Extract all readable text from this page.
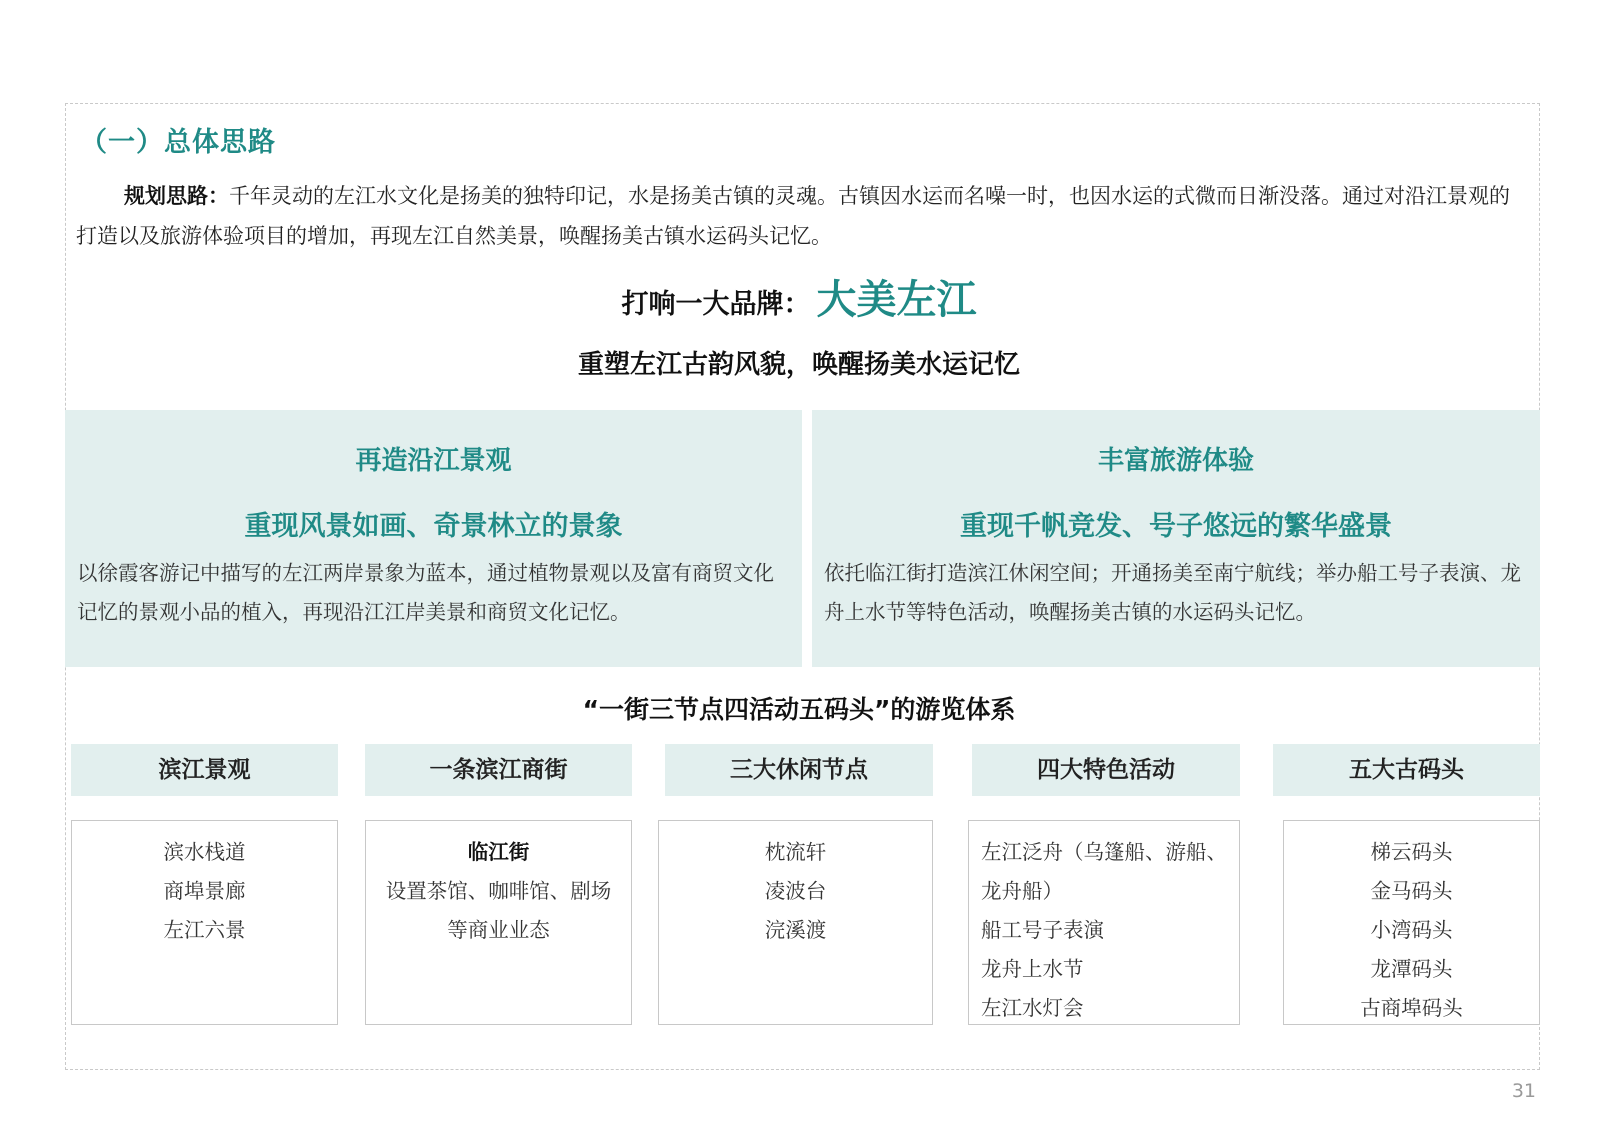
（一）总体思路
规划思路：千年灵动的左江水文化是扬美的独特印记，水是扬美古镇的灵魂。古镇因水运而名噪一时，也因水运的式微而日渐没落。通过对沿江景观的打造以及旅游体验项目的增加，再现左江自然美景，唤醒扬美古镇水运码头记忆。
打响一大品牌： 大美左江
重塑左江古韵风貌，唤醒扬美水运记忆
再造沿江景观
重现风景如画、奇景林立的景象
以徐霞客游记中描写的左江两岸景象为蓝本，通过植物景观以及富有商贸文化记忆的景观小品的植入，再现沿江江岸美景和商贸文化记忆。
丰富旅游体验
重现千帆竞发、号子悠远的繁华盛景
依托临江街打造滨江休闲空间；开通扬美至南宁航线；举办船工号子表演、龙舟上水节等特色活动，唤醒扬美古镇的水运码头记忆。
“一街三节点四活动五码头”的游览体系
滨江景观
滨水栈道
商埠景廊
左江六景
一条滨江商街
临江街
设置茶馆、咖啡馆、剧场
等商业业态
三大休闲节点
枕流轩
凌波台
浣溪渡
四大特色活动
左江泛舟（乌篷船、游船、
龙舟船）
船工号子表演
龙舟上水节
左江水灯会
五大古码头
梯云码头
金马码头
小湾码头
龙潭码头
古商埠码头
31
